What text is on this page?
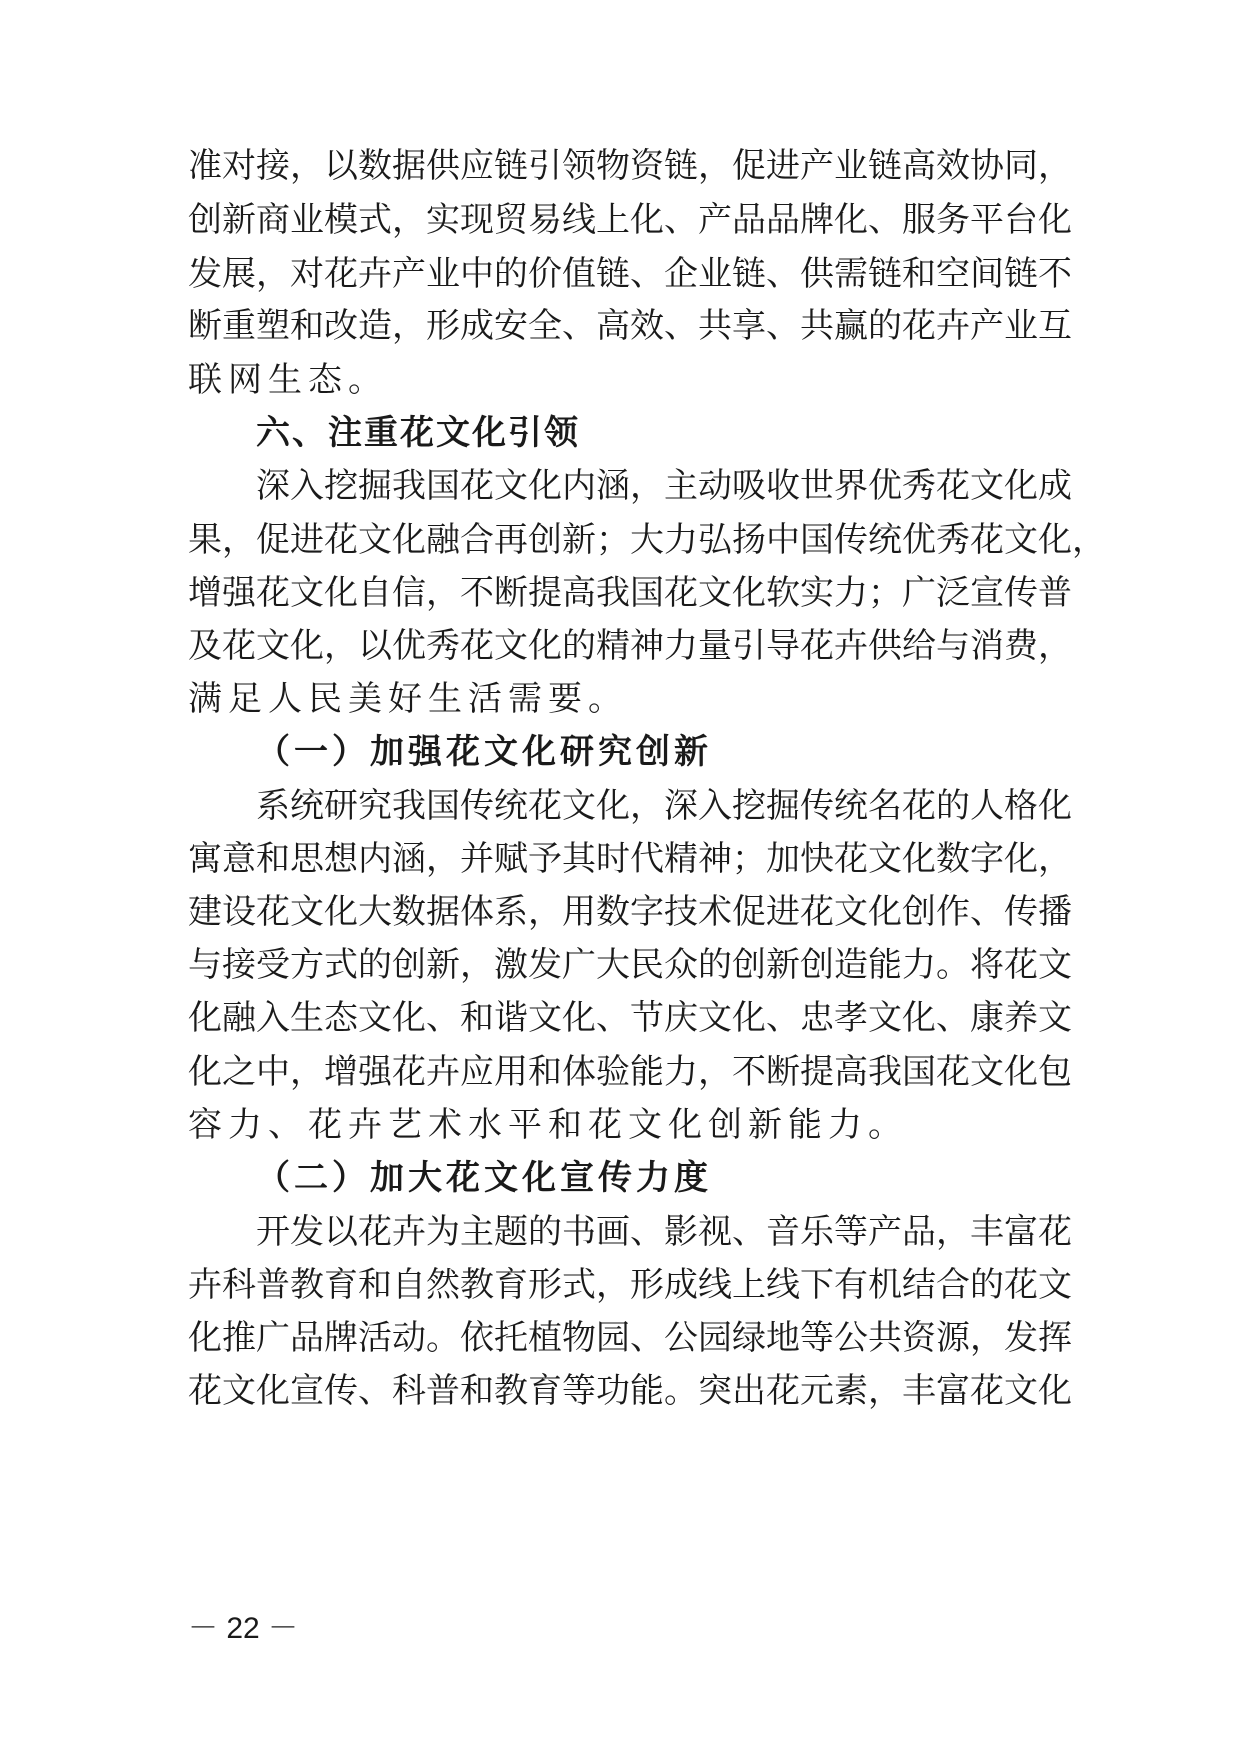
准 对 接 ， 以 数 据 供 应 链 引 领 物 资 链 ， 促 进 产 业 链 高 效 协 同 ，
创 新 商 业 模 式 ， 实 现 贸 易 线 上 化 、 产 品 品 牌 化 、 服 务 平 台 化
发 展 ， 对 花 卉 产 业 中 的 价 值 链 、 企 业 链 、 供 需 链 和 空 间 链 不
断 重 塑 和 改 造 ， 形 成 安 全 、 高 效 、 共 享 、 共 赢 的 花 卉 产 业 互
联 网 生 态 。
六、注重花文化引领
深 入 挖 掘 我 国 花 文 化 内 涵 ， 主 动 吸 收 世 界 优 秀 花 文 化 成
果 ， 促 进 花 文 化 融 合 再 创 新 ； 大 力 弘 扬 中 国 传 统 优 秀 花 文 化 ，
增 强 花 文 化 自 信 ， 不 断 提 高 我 国 花 文 化 软 实 力 ； 广 泛 宣 传 普
及 花 文 化 ， 以 优 秀 花 文 化 的 精 神 力 量 引 导 花 卉 供 给 与 消 费 ，
满 足 人 民 美 好 生 活 需 要 。
（一）加强花文化研究创新
系 统 研 究 我 国 传 统 花 文 化 ， 深 入 挖 掘 传 统 名 花 的 人 格 化
寓 意 和 思 想 内 涵 ， 并 赋 予 其 时 代 精 神 ； 加 快 花 文 化 数 字 化 ，
建 设 花 文 化 大 数 据 体 系 ， 用 数 字 技 术 促 进 花 文 化 创 作 、 传 播
与 接 受 方 式 的 创 新 ， 激 发 广 大 民 众 的 创 新 创 造 能 力 。 将 花 文
化 融 入 生 态 文 化 、 和 谐 文 化 、 节 庆 文 化 、 忠 孝 文 化 、 康 养 文
化 之 中 ， 增 强 花 卉 应 用 和 体 验 能 力 ， 不 断 提 高 我 国 花 文 化 包
容 力 、 花 卉 艺 术 水 平 和 花 文 化 创 新 能 力 。
（二）加大花文化宣传力度
开 发 以 花 卉 为 主 题 的 书 画 、 影 视 、 音 乐 等 产 品 ， 丰 富 花
卉 科 普 教 育 和 自 然 教 育 形 式 ， 形 成 线 上 线 下 有 机 结 合 的 花 文
化 推 广 品 牌 活 动 。 依 托 植 物 园 、 公 园 绿 地 等 公 共 资 源 ， 发 挥
花 文 化 宣 传 、 科 普 和 教 育 等 功 能 。 突 出 花 元 素 ， 丰 富 花 文 化
－ 22 －
